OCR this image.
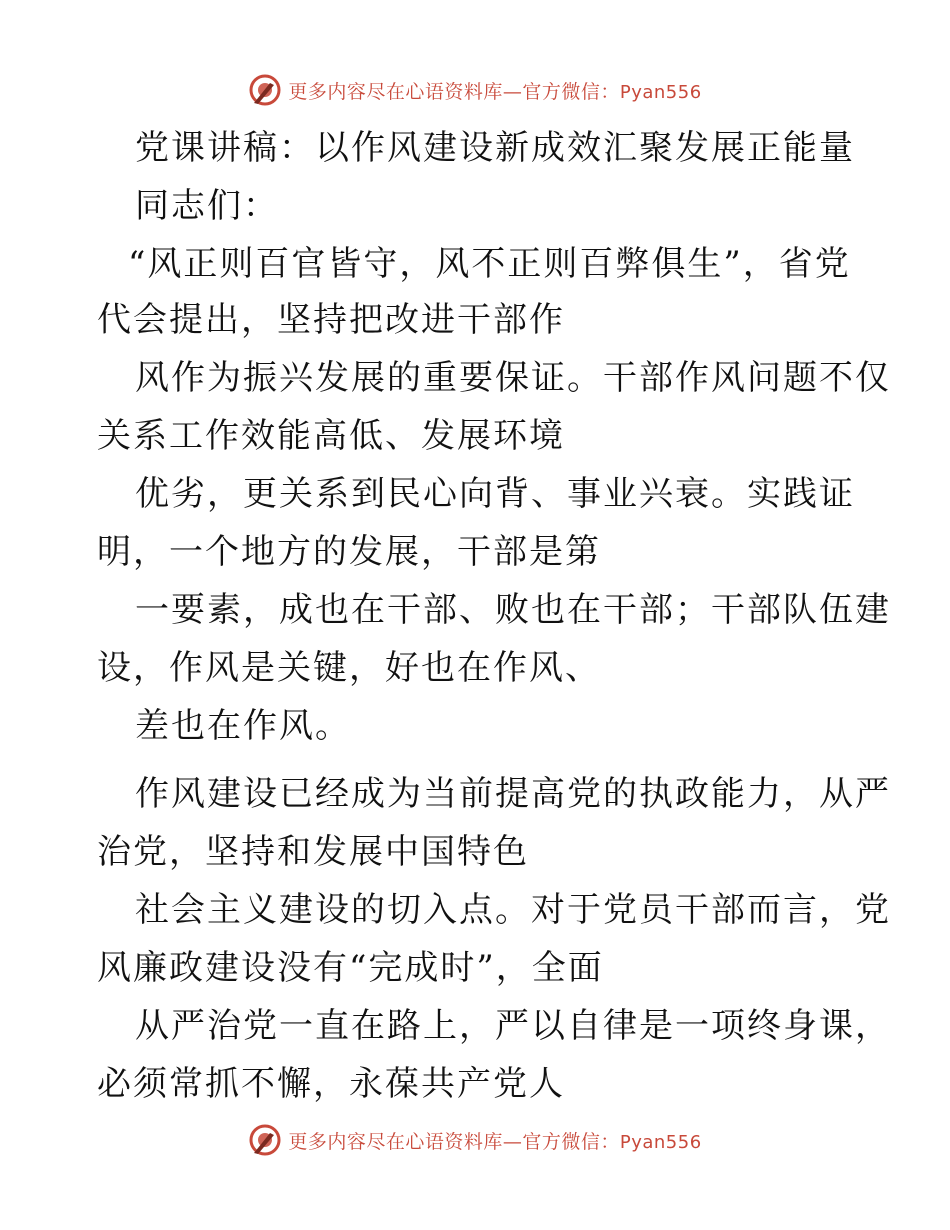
更多内容尽在心语资料库—官方微信：Pyan556
党课讲稿：以作风建设新成效汇聚发展正能量
同志们：
“风正则百官皆守，风不正则百弊俱生”，省党
代会提出，坚持把改进干部作
风作为振兴发展的重要保证。干部作风问题不仅
关系工作效能高低、发展环境
优劣，更关系到民心向背、事业兴衰。实践证
明，一个地方的发展，干部是第
一要素，成也在干部、败也在干部；干部队伍建
设，作风是关键，好也在作风、
差也在作风。
作风建设已经成为当前提高党的执政能力，从严
治党，坚持和发展中国特色
社会主义建设的切入点。对于党员干部而言，党
风廉政建设没有“完成时”，全面
从严治党一直在路上，严以自律是一项终身课，
必须常抓不懈，永葆共产党人
更多内容尽在心语资料库—官方微信：Pyan556
